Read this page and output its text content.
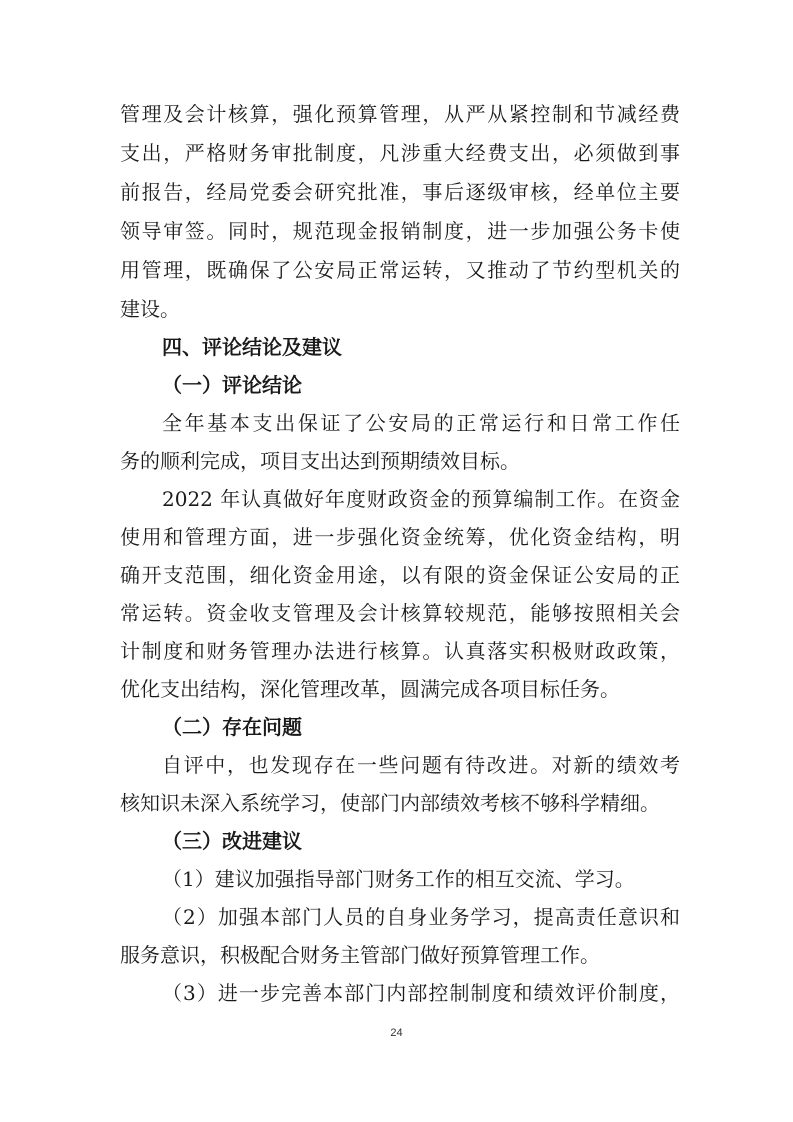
管理及会计核算，强化预算管理，从严从紧控制和节减经费
支出，严格财务审批制度，凡涉重大经费支出，必须做到事
前报告，经局党委会研究批准，事后逐级审核，经单位主要
领导审签。同时，规范现金报销制度，进一步加强公务卡使
用管理，既确保了公安局正常运转，又推动了节约型机关的
建设。
四、评论结论及建议
（一）评论结论
全年基本支出保证了公安局的正常运行和日常工作任
务的顺利完成，项目支出达到预期绩效目标。
2022 年认真做好年度财政资金的预算编制工作。在资金
使用和管理方面，进一步强化资金统筹，优化资金结构，明
确开支范围，细化资金用途，以有限的资金保证公安局的正
常运转。资金收支管理及会计核算较规范，能够按照相关会
计制度和财务管理办法进行核算。认真落实积极财政政策，
优化支出结构，深化管理改革，圆满完成各项目标任务。
（二）存在问题
自评中，也发现存在一些问题有待改进。对新的绩效考
核知识未深入系统学习，使部门内部绩效考核不够科学精细。
（三）改进建议
（1）建议加强指导部门财务工作的相互交流、学习。
（2）加强本部门人员的自身业务学习，提高责任意识和
服务意识，积极配合财务主管部门做好预算管理工作。
（3）进一步完善本部门内部控制制度和绩效评价制度，
24
